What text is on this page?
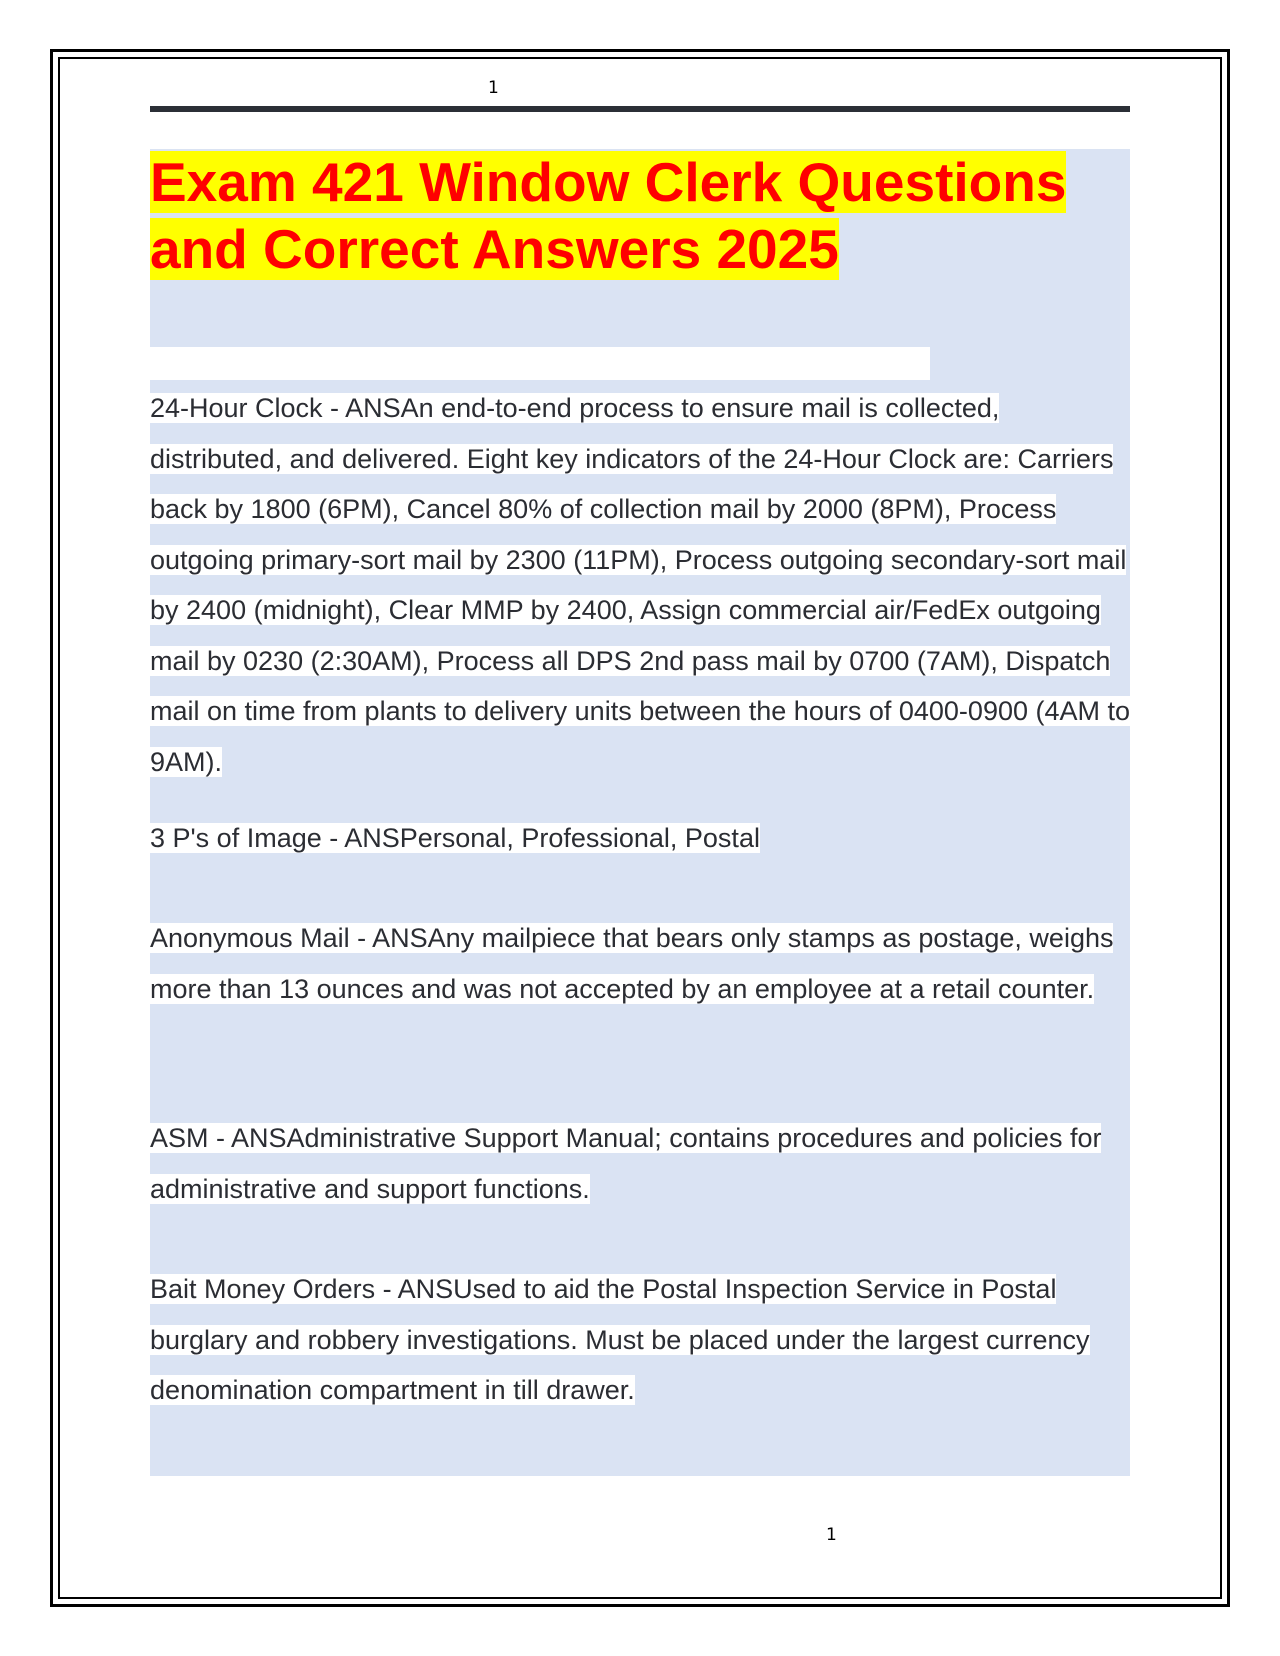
1
Exam 421 Window Clerk Questions and Correct Answers 2025

24-Hour Clock - ANSAn end-to-end process to ensure mail is collected, distributed, and delivered. Eight key indicators of the 24-Hour Clock are: Carriers back by 1800 (6PM), Cancel 80% of collection mail by 2000 (8PM), Process outgoing primary-sort mail by 2300 (11PM), Process outgoing secondary-sort mail by 2400 (midnight), Clear MMP by 2400, Assign commercial air/FedEx outgoing mail by 0230 (2:30AM), Process all DPS 2nd pass mail by 0700 (7AM), Dispatch mail on time from plants to delivery units between the hours of 0400-0900 (4AM to 9AM).

3 P's of Image - ANSPersonal, Professional, Postal

Anonymous Mail - ANSAny mailpiece that bears only stamps as postage, weighs more than 13 ounces and was not accepted by an employee at a retail counter.

ASM - ANSAdministrative Support Manual; contains procedures and policies for administrative and support functions.

Bait Money Orders - ANSUsed to aid the Postal Inspection Service in Postal burglary and robbery investigations. Must be placed under the largest currency denomination compartment in till drawer.

1
